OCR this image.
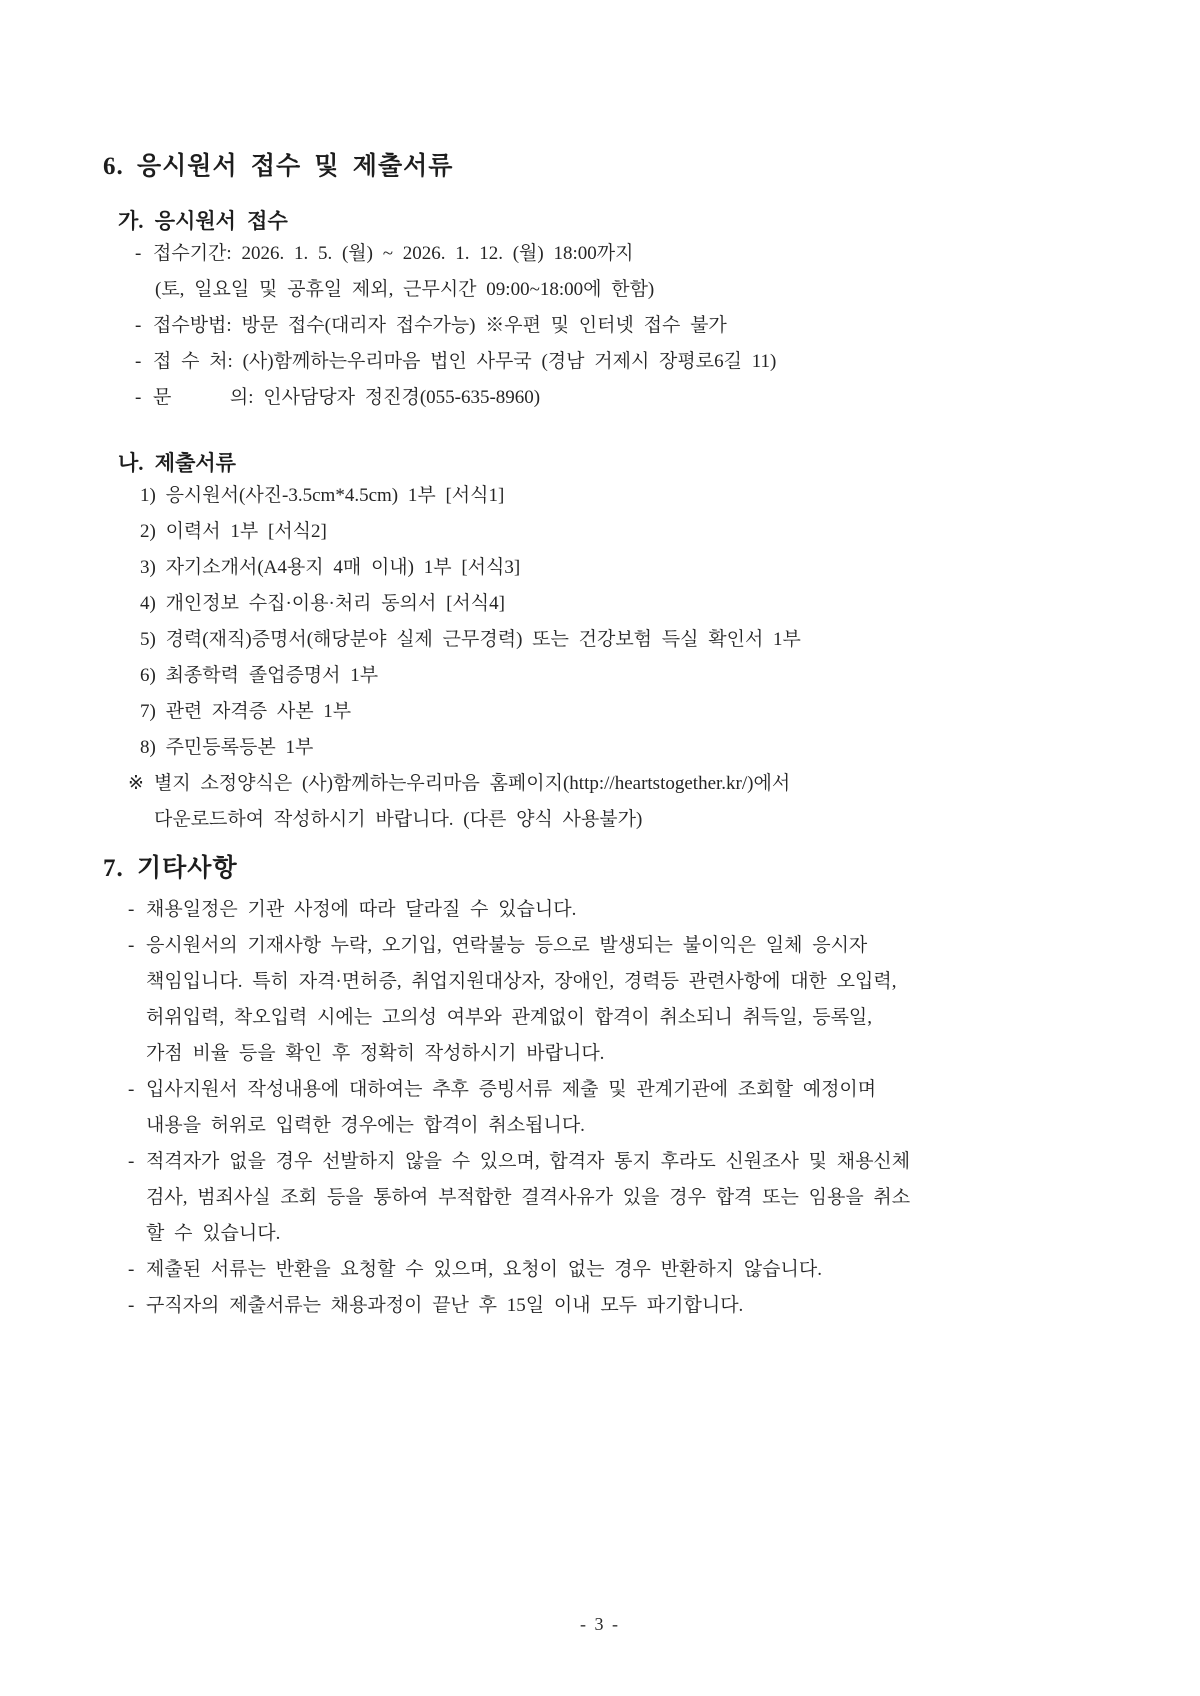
6. 응시원서 접수 및 제출서류
가. 응시원서 접수
- 접수기간: 2026. 1. 5. (월) ~ 2026. 1. 12. (월) 18:00까지
(토, 일요일 및 공휴일 제외, 근무시간 09:00~18:00에 한함)
- 접수방법: 방문 접수(대리자 접수가능) ※우편 및 인터넷 접수 불가
- 접 수 처: (사)함께하는우리마음 법인 사무국 (경남 거제시 장평로6길 11)
- 문      의: 인사담당자 정진경(055-635-8960)
나. 제출서류
1) 응시원서(사진-3.5cm*4.5cm) 1부 [서식1]
2) 이력서 1부 [서식2]
3) 자기소개서(A4용지 4매 이내) 1부 [서식3]
4) 개인정보 수집·이용·처리 동의서 [서식4]
5) 경력(재직)증명서(해당분야 실제 근무경력) 또는 건강보험 득실 확인서 1부
6) 최종학력 졸업증명서 1부
7) 관련 자격증 사본 1부
8) 주민등록등본 1부
※ 별지 소정양식은 (사)함께하는우리마음 홈페이지(http://heartstogether.kr/)에서
다운로드하여 작성하시기 바랍니다. (다른 양식 사용불가)
7. 기타사항
- 채용일정은 기관 사정에 따라 달라질 수 있습니다.
- 응시원서의 기재사항 누락, 오기입, 연락불능 등으로 발생되는 불이익은 일체 응시자
책임입니다. 특히 자격·면허증, 취업지원대상자, 장애인, 경력등 관련사항에 대한 오입력,
허위입력, 착오입력 시에는 고의성 여부와 관계없이 합격이 취소되니 취득일, 등록일,
가점 비율 등을 확인 후 정확히 작성하시기 바랍니다.
- 입사지원서 작성내용에 대하여는 추후 증빙서류 제출 및 관계기관에 조회할 예정이며
내용을 허위로 입력한 경우에는 합격이 취소됩니다.
- 적격자가 없을 경우 선발하지 않을 수 있으며, 합격자 통지 후라도 신원조사 및 채용신체
검사, 범죄사실 조회 등을 통하여 부적합한 결격사유가 있을 경우 합격 또는 임용을 취소
할 수 있습니다.
- 제출된 서류는 반환을 요청할 수 있으며, 요청이 없는 경우 반환하지 않습니다.
- 구직자의 제출서류는 채용과정이 끝난 후 15일 이내 모두 파기합니다.
- 3 -
